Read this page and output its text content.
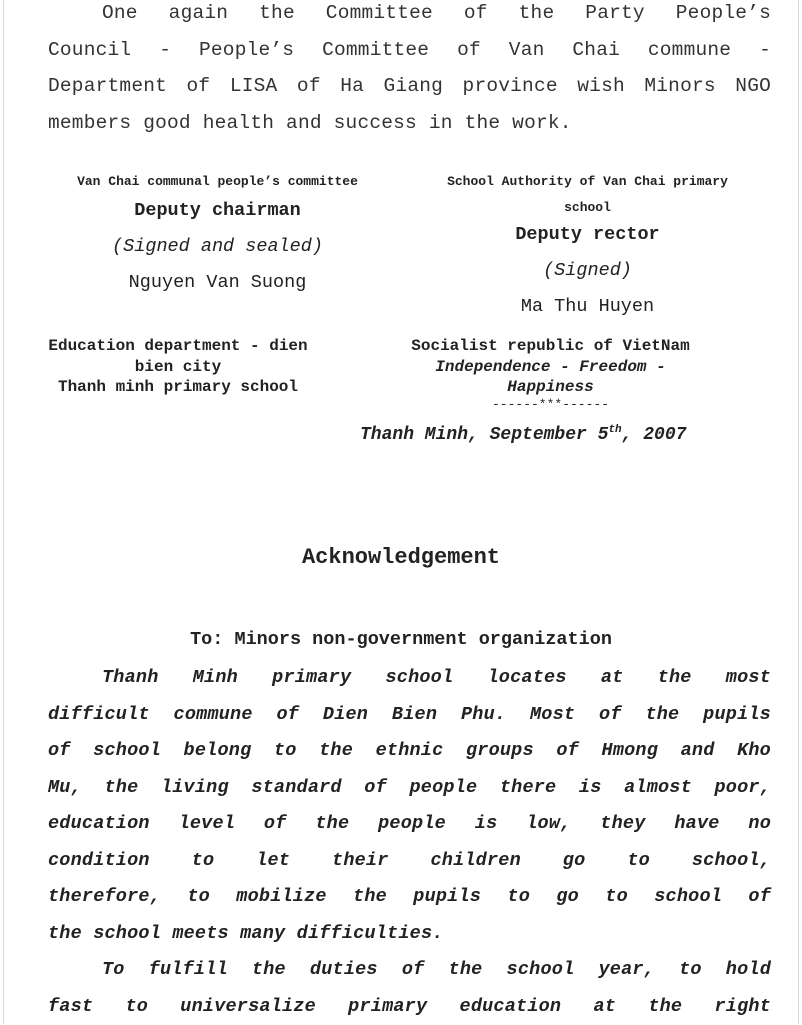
One again the Committee of the Party People’s
Council - People’s Committee of Van Chai commune -
Department of LISA of Ha Giang province wish Minors NGO
members good health and success in the work.
Van Chai communal people’s committee
Deputy chairman
(Signed and sealed)
Nguyen Van Suong
School Authority of Van Chai primary
school
Deputy rector
(Signed)
Ma Thu Huyen
Education department - dien
bien city
Thanh minh primary school
Socialist republic of VietNam
Independence - Freedom -
Happiness
------***------
Thanh Minh, September 5th, 2007
Acknowledgement
To: Minors non-government organization
Thanh Minh primary school locates at the most
difficult commune of Dien Bien Phu. Most of the pupils
of school belong to the ethnic groups of Hmong and Kho
Mu, the living standard of people there is almost poor,
education level of the people is low, they have no
condition to let their children go to school,
therefore, to mobilize the pupils to go to school of
the school meets many difficulties.
To fulfill the duties of the school year, to hold
fast to universalize primary education at the right
